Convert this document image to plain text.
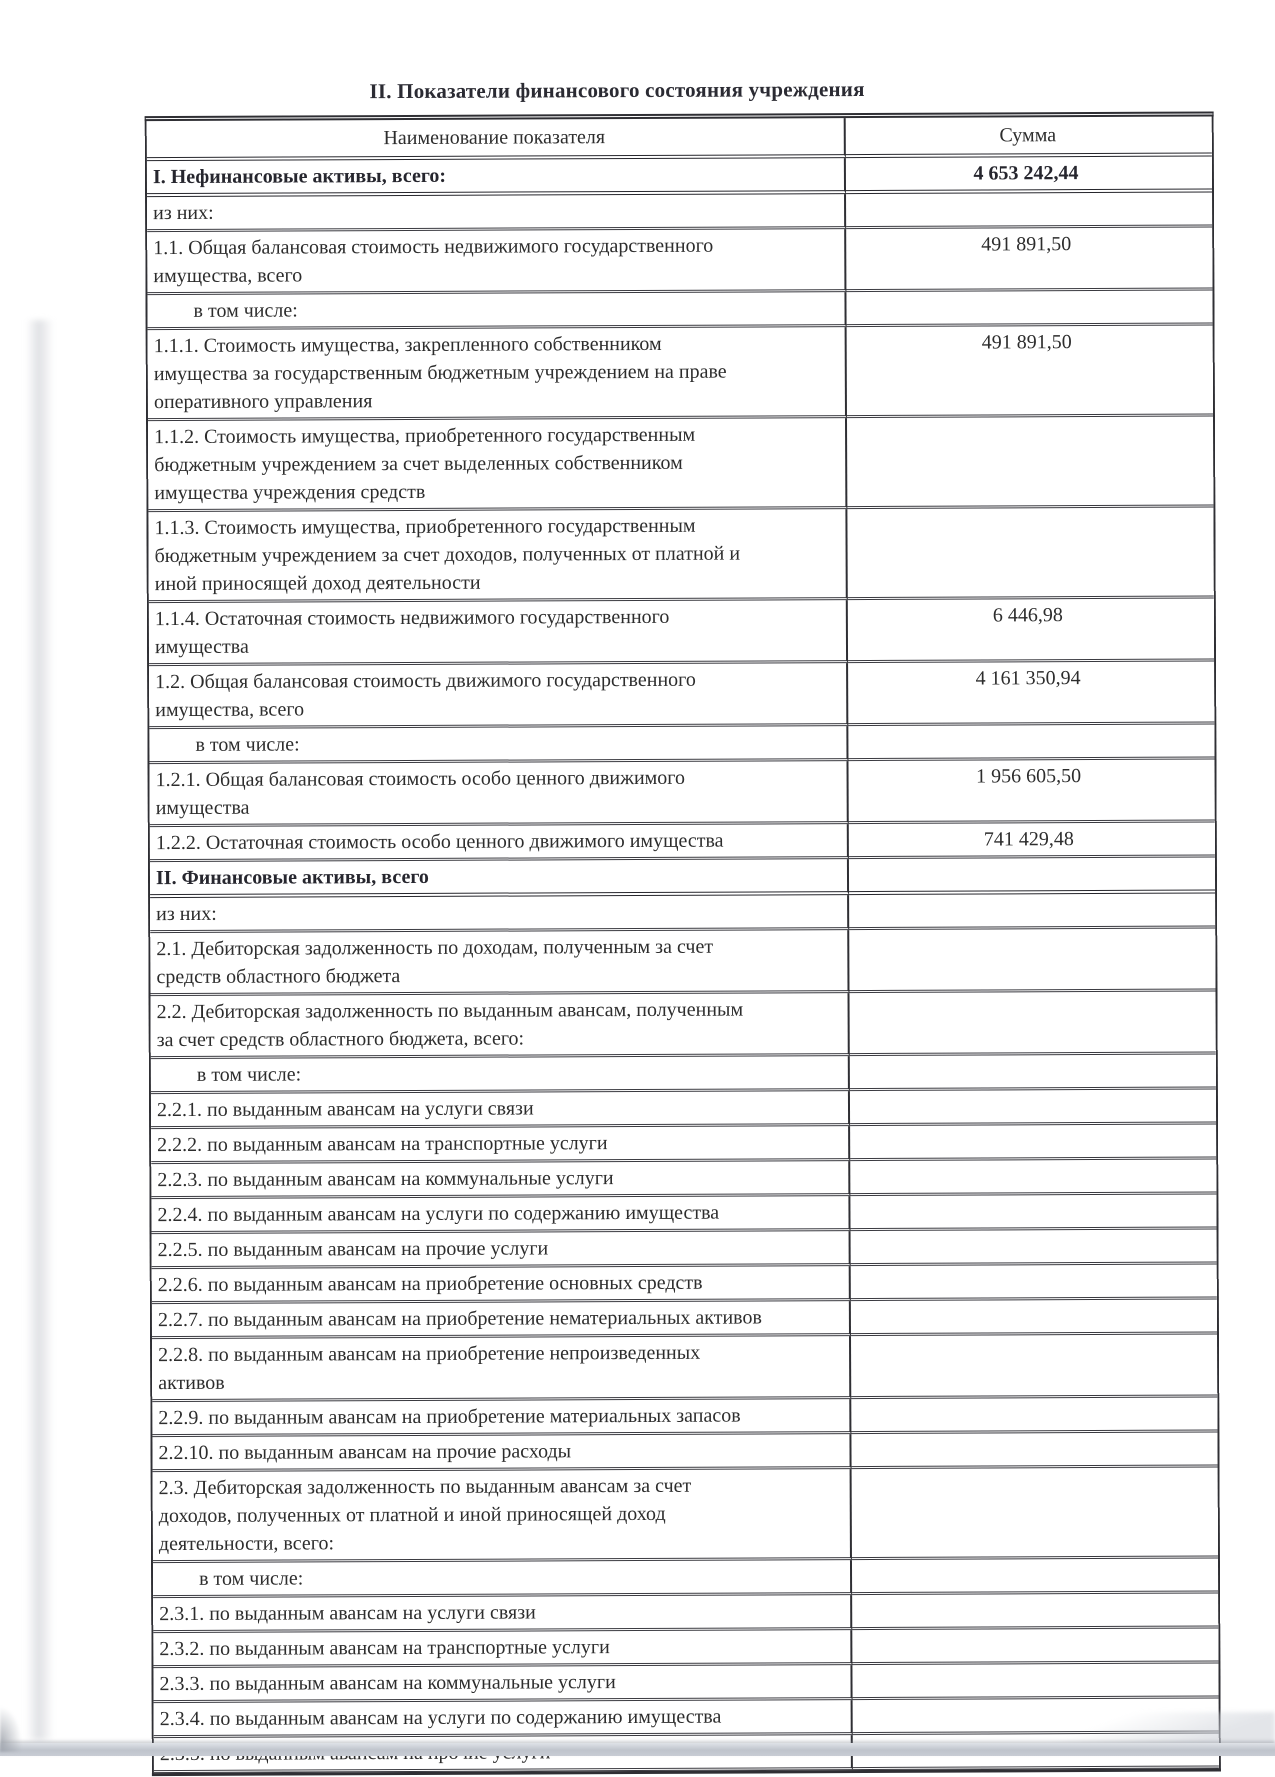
II. Показатели финансового состояния учреждения
Наименование показателя	Сумма
I. Нефинансовые активы, всего:	4 653 242,44
из них:	
1.1. Общая балансовая стоимость недвижимого государственного имущества, всего	491 891,50
в том числе:	
1.1.1. Стоимость имущества, закрепленного собственником имущества за государственным бюджетным учреждением на праве оперативного управления	491 891,50
1.1.2. Стоимость имущества, приобретенного государственным бюджетным учреждением за счет выделенных собственником имущества учреждения средств	
1.1.3. Стоимость имущества, приобретенного государственным бюджетным учреждением за счет доходов, полученных от платной и иной приносящей доход деятельности	
1.1.4. Остаточная стоимость недвижимого государственного имущества	6 446,98
1.2. Общая балансовая стоимость движимого государственного имущества, всего	4 161 350,94
в том числе:	
1.2.1. Общая балансовая стоимость особо ценного движимого имущества	1 956 605,50
1.2.2. Остаточная стоимость особо ценного движимого имущества	741 429,48
II. Финансовые активы, всего	
из них:	
2.1. Дебиторская задолженность по доходам, полученным за счет средств областного бюджета	
2.2. Дебиторская задолженность по выданным авансам, полученным за счет средств областного бюджета, всего:	
в том числе:	
2.2.1. по выданным авансам на услуги связи	
2.2.2. по выданным авансам на транспортные услуги	
2.2.3. по выданным авансам на коммунальные услуги	
2.2.4. по выданным авансам на услуги по содержанию имущества	
2.2.5. по выданным авансам на прочие услуги	
2.2.6. по выданным авансам на приобретение основных средств	
2.2.7. по выданным авансам на приобретение нематериальных активов	
2.2.8. по выданным авансам на приобретение непроизведенных активов	
2.2.9. по выданным авансам на приобретение материальных запасов	
2.2.10. по выданным авансам на прочие расходы	
2.3. Дебиторская задолженность по выданным авансам за счет доходов, полученных от платной и иной приносящей доход деятельности, всего:	
в том числе:	
2.3.1. по выданным авансам на услуги связи	
2.3.2. по выданным авансам на транспортные услуги	
2.3.3. по выданным авансам на коммунальные услуги	
2.3.4. по выданным авансам на услуги по содержанию имущества	
